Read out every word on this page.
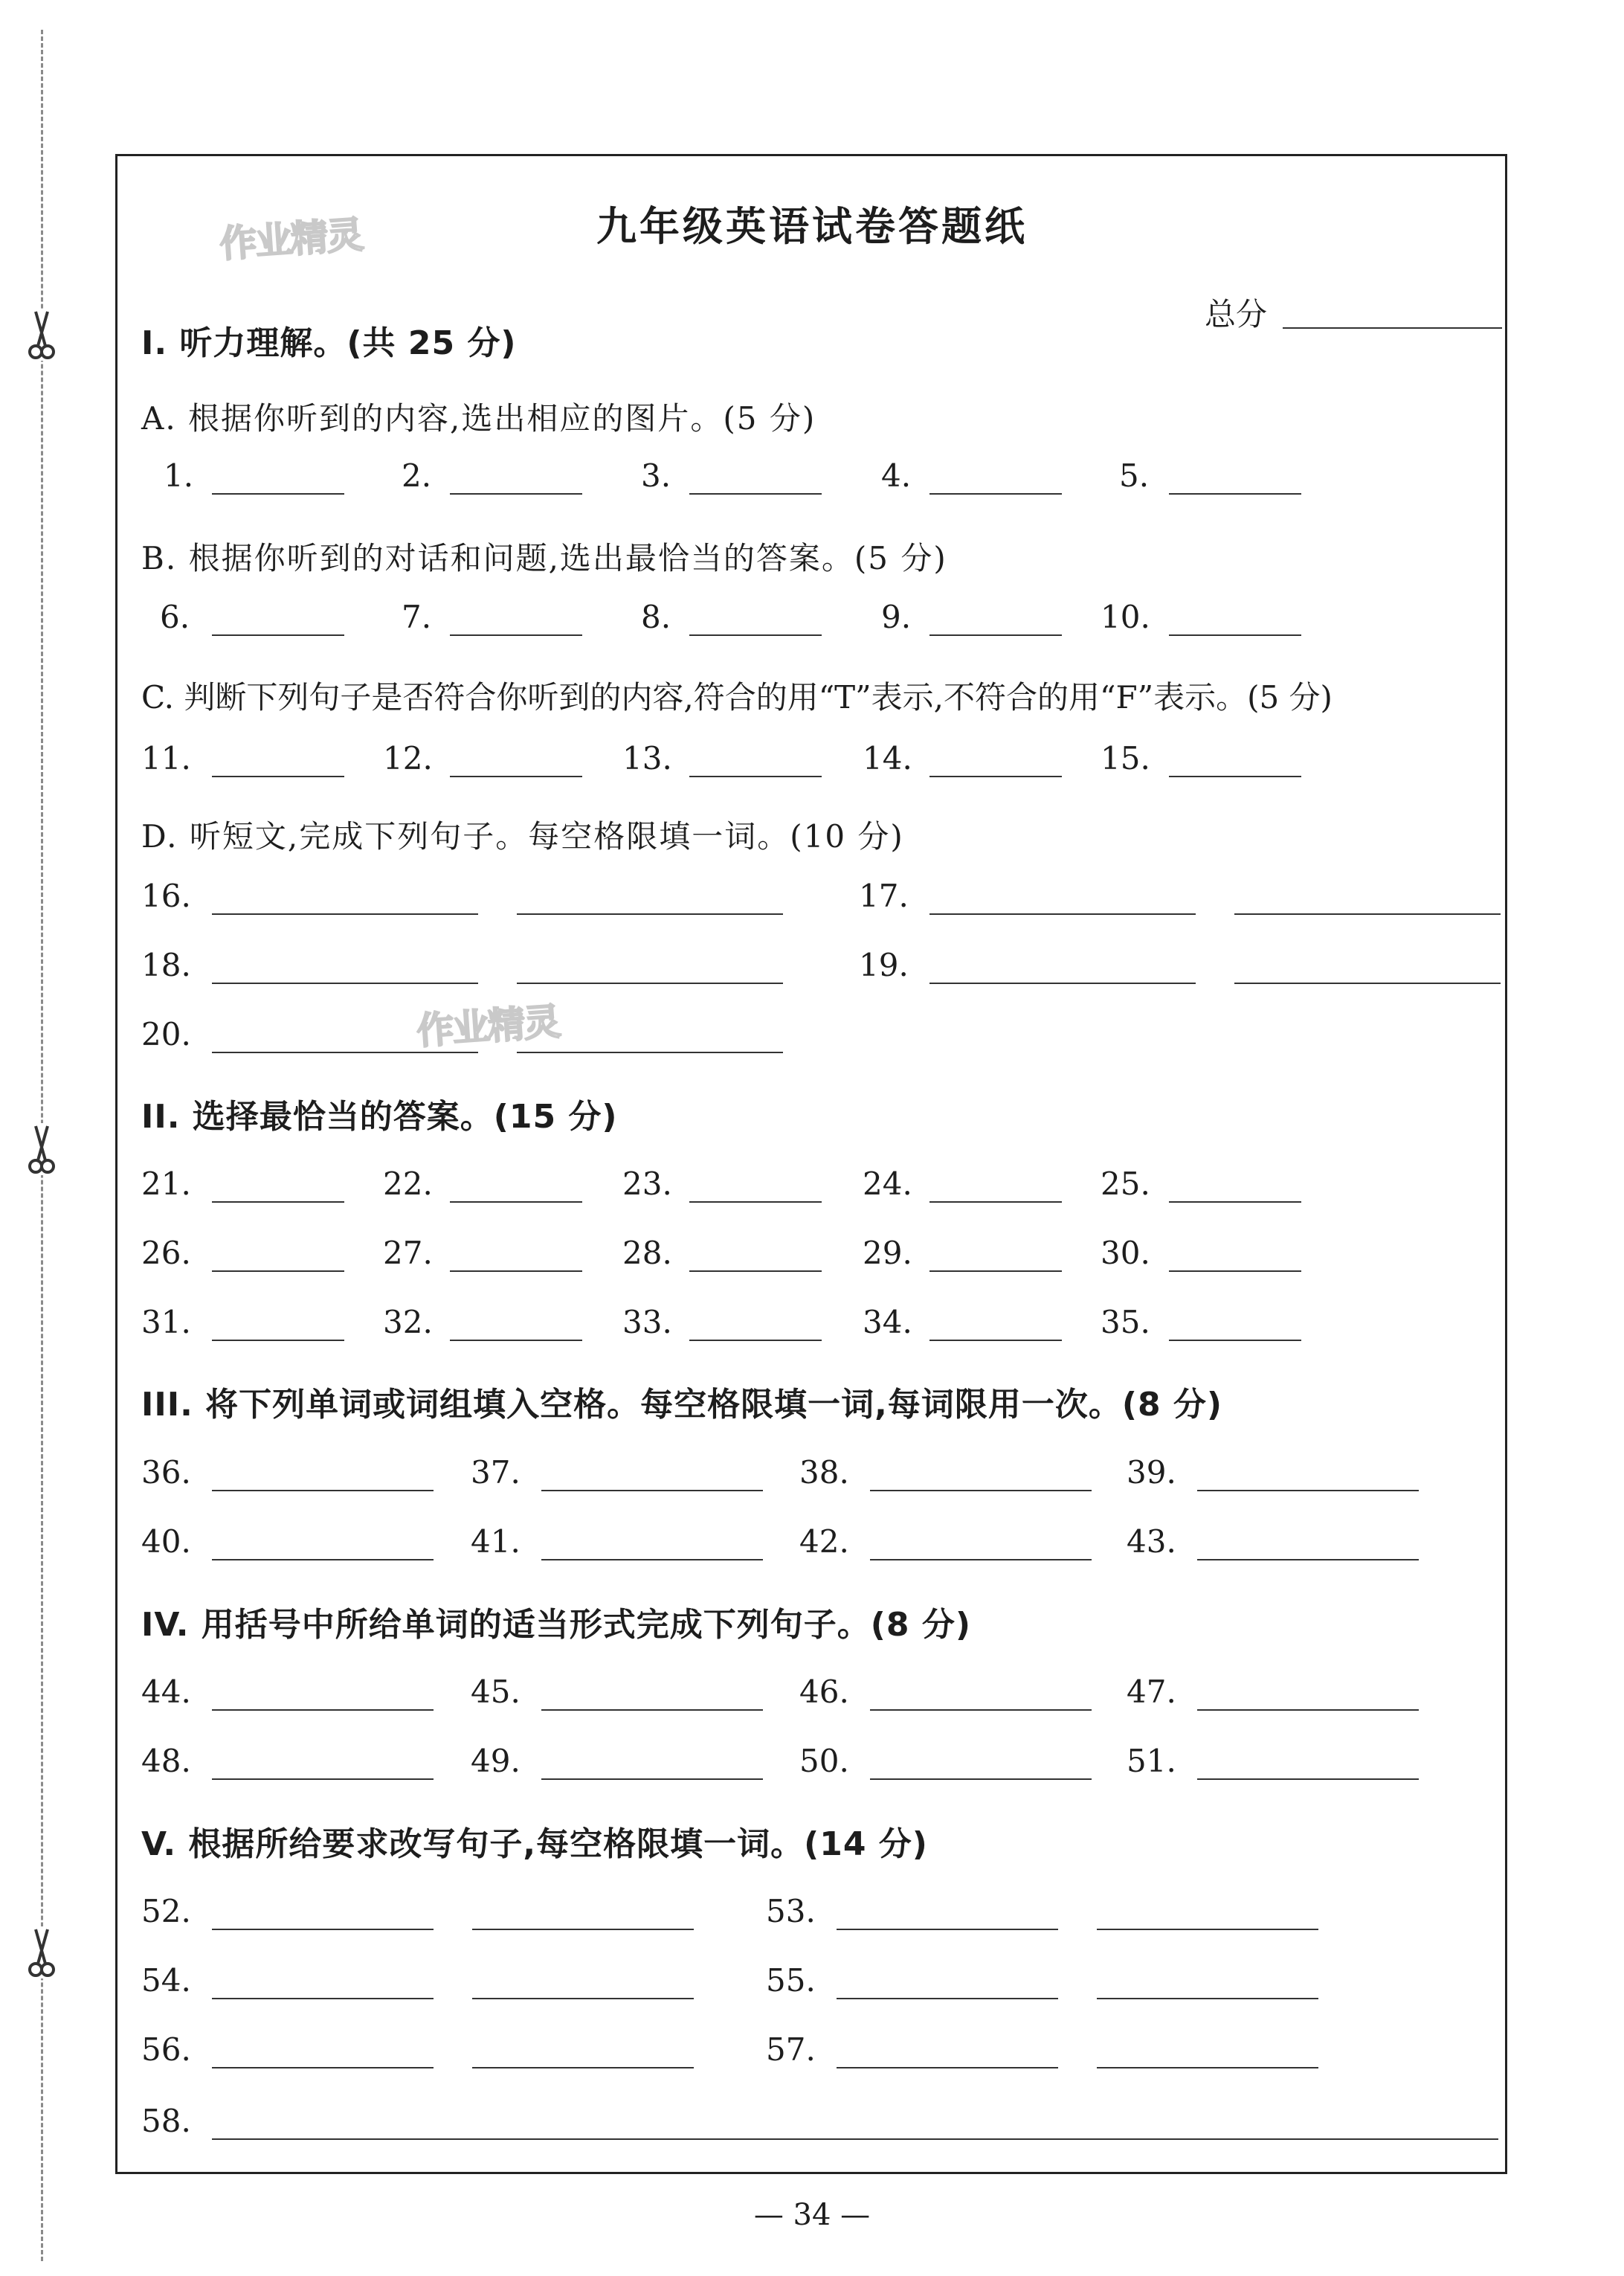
作业精灵
作业精灵
九年级英语试卷答题纸
总分
I. 听力理解。(共 25 分)
A. 根据你听到的内容,选出相应的图片。(5 分)
1.	2.	3.	4.	5.
B. 根据你听到的对话和问题,选出最恰当的答案。(5 分)
6.	7.	8.	9.	10.
C. 判断下列句子是否符合你听到的内容,符合的用“T”表示,不符合的用“F”表示。(5 分)
11.	12.	13.	14.	15.
D. 听短文,完成下列句子。每空格限填一词。(10 分)
16.	17.
18.	19.
20.
II. 选择最恰当的答案。(15 分)
21.	22.	23.	24.	25.
26.	27.	28.	29.	30.
31.	32.	33.	34.	35.
III. 将下列单词或词组填入空格。每空格限填一词,每词限用一次。(8 分)
36.	37.	38.	39.
40.	41.	42.	43.
IV. 用括号中所给单词的适当形式完成下列句子。(8 分)
44.	45.	46.	47.
48.	49.	50.	51.
V. 根据所给要求改写句子,每空格限填一词。(14 分)
52.	53.
54.	55.
56.	57.
58.
— 34 —
